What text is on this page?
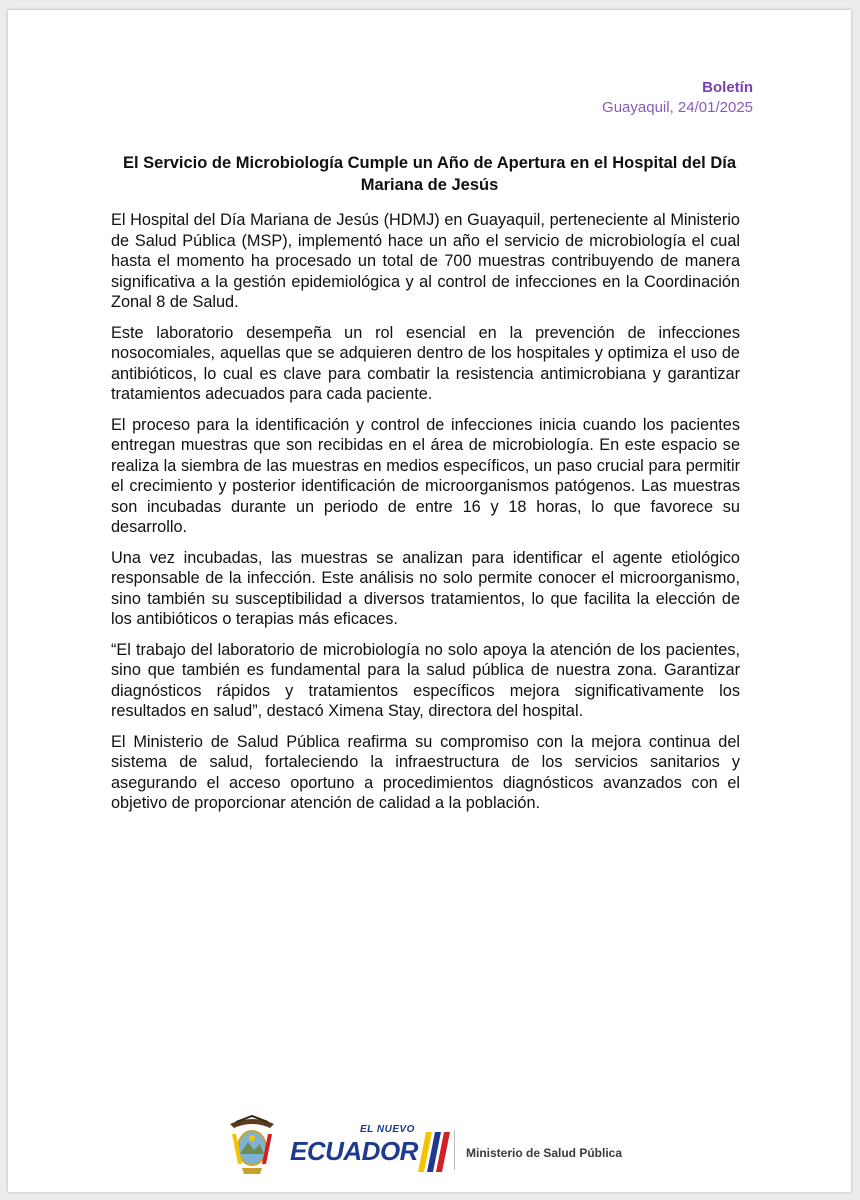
Boletín
Guayaquil, 24/01/2025
El Servicio de Microbiología Cumple un Año de Apertura en el Hospital del Día Mariana de Jesús

El Hospital del Día Mariana de Jesús (HDMJ) en Guayaquil, perteneciente al Ministerio de Salud Pública (MSP), implementó hace un año el servicio de microbiología el cual hasta el momento ha procesado un total de 700 muestras contribuyendo de manera significativa a la gestión epidemiológica y al control de infecciones en la Coordinación Zonal 8 de Salud.

Este laboratorio desempeña un rol esencial en la prevención de infecciones nosocomiales, aquellas que se adquieren dentro de los hospitales y optimiza el uso de antibióticos, lo cual es clave para combatir la resistencia antimicrobiana y garantizar tratamientos adecuados para cada paciente.

El proceso para la identificación y control de infecciones inicia cuando los pacientes entregan muestras que son recibidas en el área de microbiología. En este espacio se realiza la siembra de las muestras en medios específicos, un paso crucial para permitir el crecimiento y posterior identificación de microorganismos patógenos. Las muestras son incubadas durante un periodo de entre 16 y 18 horas, lo que favorece su desarrollo.

Una vez incubadas, las muestras se analizan para identificar el agente etiológico responsable de la infección. Este análisis no solo permite conocer el microorganismo, sino también su susceptibilidad a diversos tratamientos, lo que facilita la elección de los antibióticos o terapias más eficaces.

“El trabajo del laboratorio de microbiología no solo apoya la atención de los pacientes, sino que también es fundamental para la salud pública de nuestra zona. Garantizar diagnósticos rápidos y tratamientos específicos mejora significativamente los resultados en salud”, destacó Ximena Stay, directora del hospital.

El Ministerio de Salud Pública reafirma su compromiso con la mejora continua del sistema de salud, fortaleciendo la infraestructura de los servicios sanitarios y asegurando el acceso oportuno a procedimientos diagnósticos avanzados con el objetivo de proporcionar atención de calidad a la población.

EL NUEVO
ECUADOR	Ministerio de Salud Pública
